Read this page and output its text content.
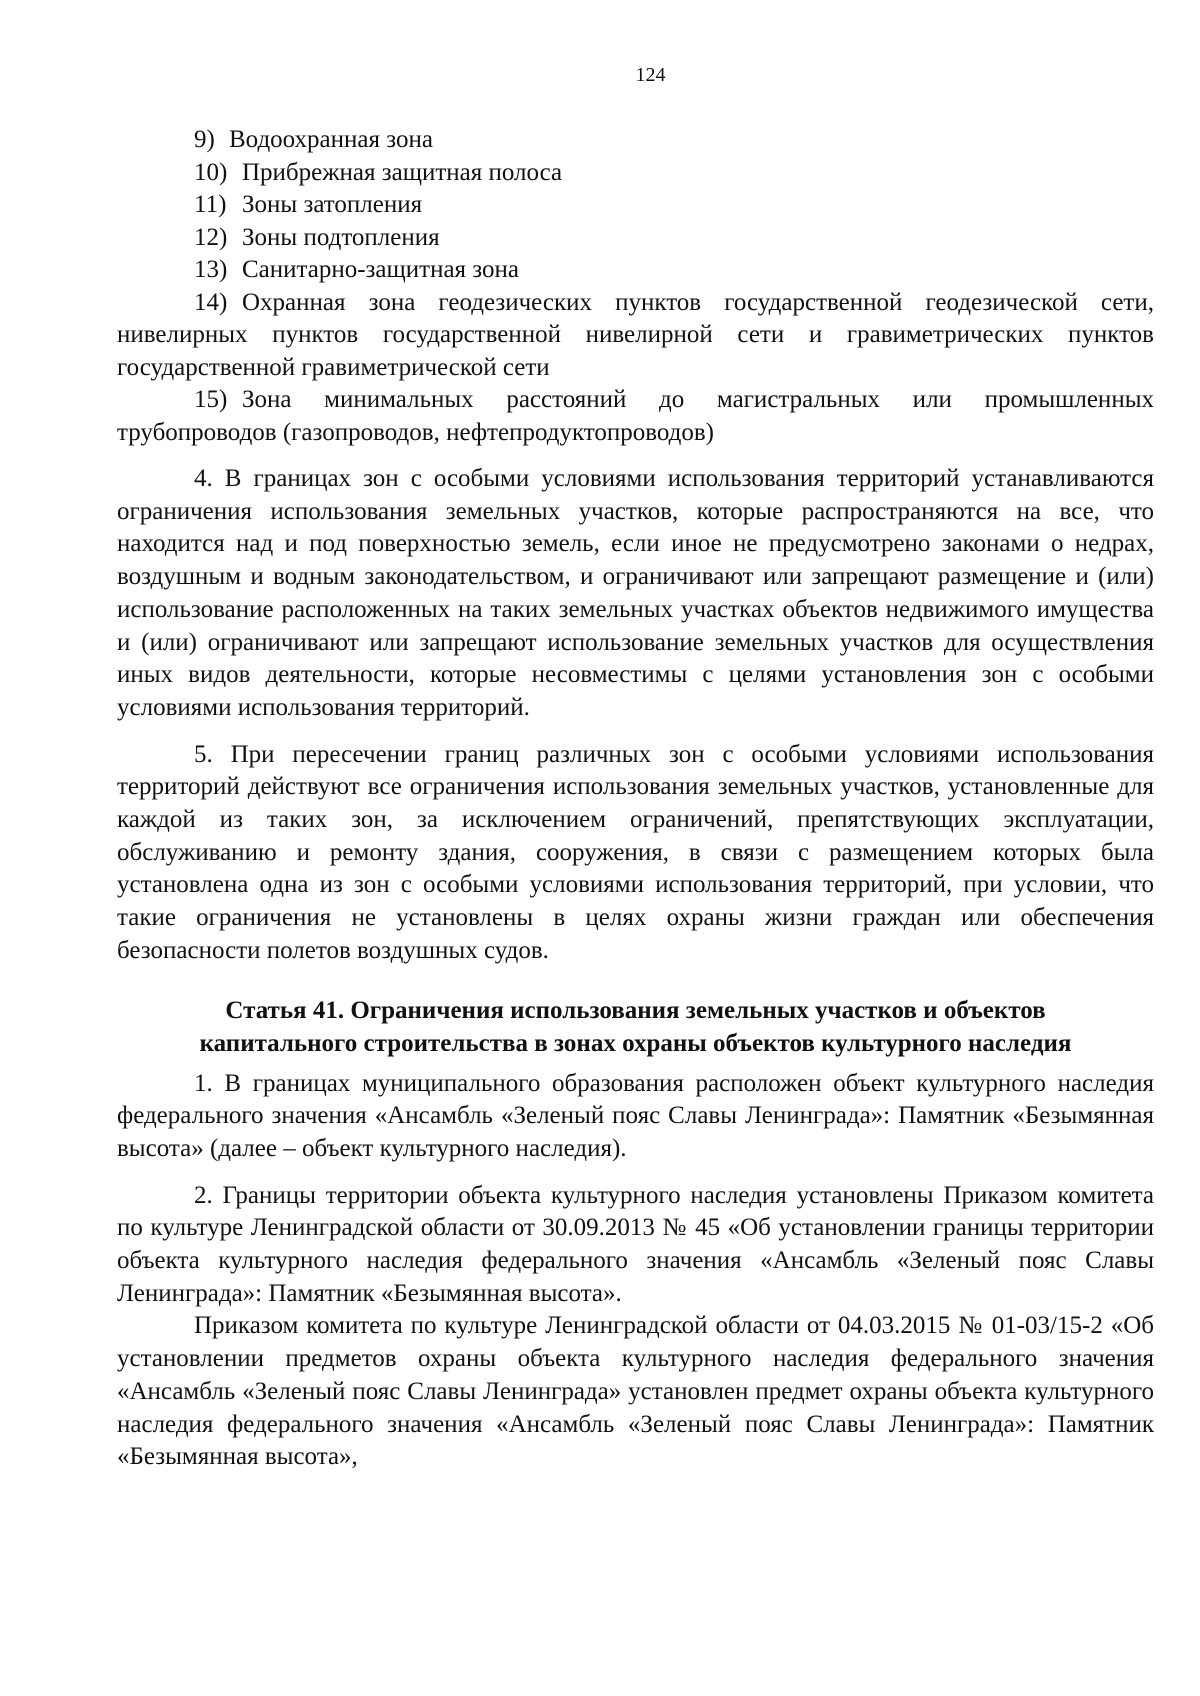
124
9) Водоохранная зона
10) Прибрежная защитная полоса
11) Зоны затопления
12) Зоны подтопления
13) Санитарно-защитная зона
14) Охранная зона геодезических пунктов государственной геодезической сети, нивелирных пунктов государственной нивелирной сети и гравиметрических пунктов государственной гравиметрической сети
15) Зона минимальных расстояний до магистральных или промышленных трубопроводов (газопроводов, нефтепродуктопроводов)

4. В границах зон с особыми условиями использования территорий устанавливаются ограничения использования земельных участков, которые распространяются на все, что находится над и под поверхностью земель, если иное не предусмотрено законами о недрах, воздушным и водным законодательством, и ограничивают или запрещают размещение и (или) использование расположенных на таких земельных участках объектов недвижимого имущества и (или) ограничивают или запрещают использование земельных участков для осуществления иных видов деятельности, которые несовместимы с целями установления зон с особыми условиями использования территорий.

5. При пересечении границ различных зон с особыми условиями использования территорий действуют все ограничения использования земельных участков, установленные для каждой из таких зон, за исключением ограничений, препятствующих эксплуатации, обслуживанию и ремонту здания, сооружения, в связи с размещением которых была установлена одна из зон с особыми условиями использования территорий, при условии, что такие ограничения не установлены в целях охраны жизни граждан или обеспечения безопасности полетов воздушных судов.

Статья 41. Ограничения использования земельных участков и объектов
капитального строительства в зонах охраны объектов культурного наследия

1. В границах муниципального образования расположен объект культурного наследия федерального значения «Ансамбль «Зеленый пояс Славы Ленинграда»: Памятник «Безымянная высота» (далее – объект культурного наследия).

2. Границы территории объекта культурного наследия установлены Приказом комитета по культуре Ленинградской области от 30.09.2013 № 45 «Об установлении границы территории объекта культурного наследия федерального значения «Ансамбль «Зеленый пояс Славы Ленинграда»: Памятник «Безымянная высота».

Приказом комитета по культуре Ленинградской области от 04.03.2015 № 01-03/15-2 «Об установлении предметов охраны объекта культурного наследия федерального значения «Ансамбль «Зеленый пояс Славы Ленинграда» установлен предмет охраны объекта культурного наследия федерального значения «Ансамбль «Зеленый пояс Славы Ленинграда»: Памятник «Безымянная высота»,
